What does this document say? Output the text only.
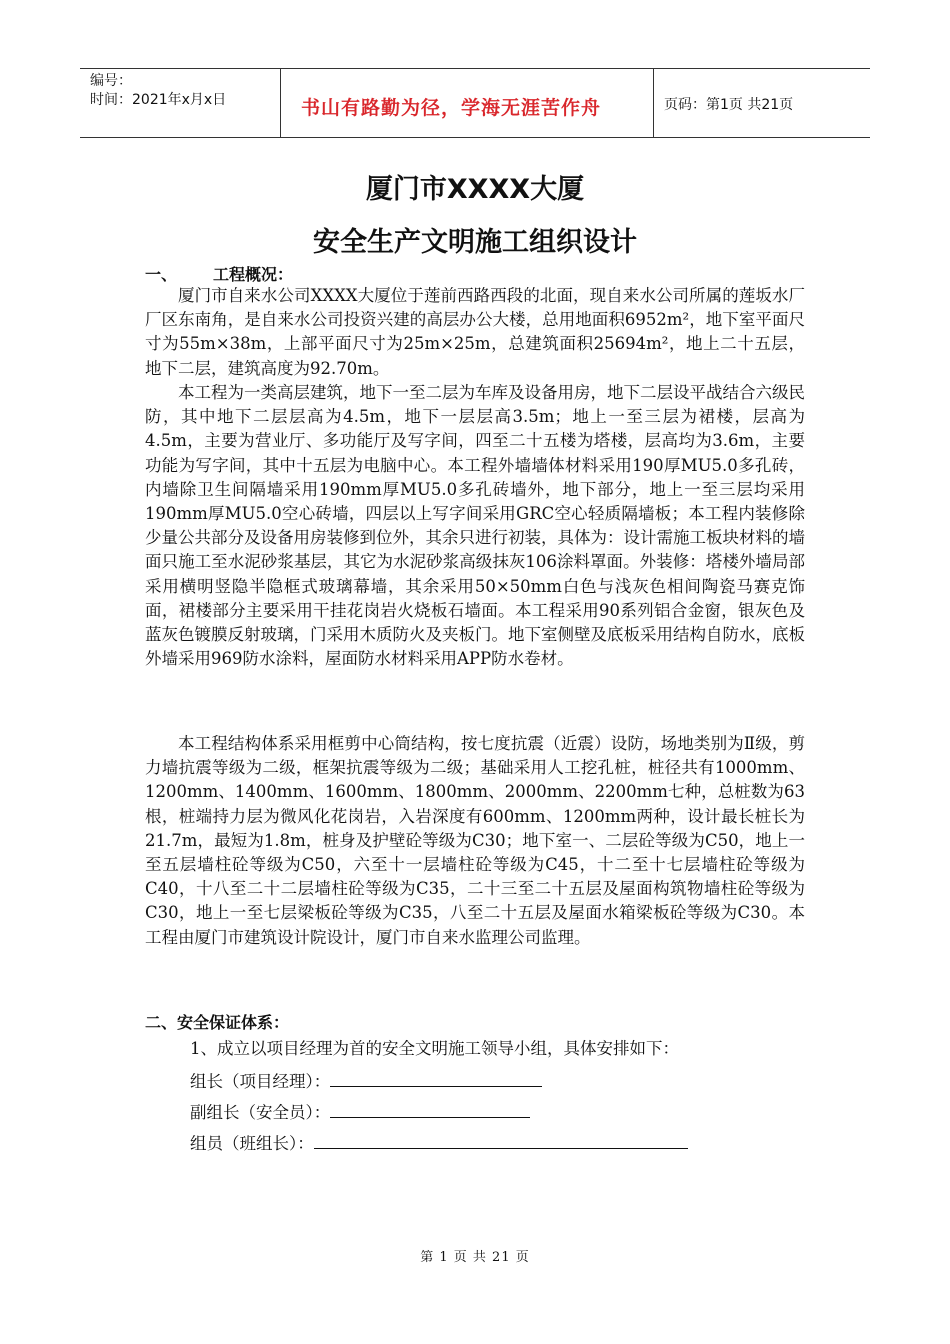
编号：
时间：2021年x月x日	书山有路勤为径，学海无涯苦作舟	页码：第1页 共21页
厦门市XXXX大厦
安全生产文明施工组织设计
一、 工程概况：

厦门市自来水公司XXXX大厦位于莲前西路西段的北面，现自来水公司所属的莲坂水厂厂区东南角，是自来水公司投资兴建的高层办公大楼，总用地面积6952m²，地下室平面尺寸为55m×38m，上部平面尺寸为25m×25m，总建筑面积25694m²，地上二十五层，地下二层，建筑高度为92.70m。

本工程为一类高层建筑，地下一至二层为车库及设备用房，地下二层设平战结合六级民防，其中地下二层层高为4.5m，地下一层层高3.5m；地上一至三层为裙楼，层高为4.5m，主要为营业厅、多功能厅及写字间，四至二十五楼为塔楼，层高均为3.6m，主要功能为写字间，其中十五层为电脑中心。本工程外墙墙体材料采用190厚MU5.0多孔砖，内墙除卫生间隔墙采用190mm厚MU5.0多孔砖墙外，地下部分，地上一至三层均采用190mm厚MU5.0空心砖墙，四层以上写字间采用GRC空心轻质隔墙板；本工程内装修除少量公共部分及设备用房装修到位外，其余只进行初装，具体为：设计需施工板块材料的墙面只施工至水泥砂浆基层，其它为水泥砂浆高级抹灰106涂料罩面。外装修：塔楼外墙局部采用横明竖隐半隐框式玻璃幕墙，其余采用50×50mm白色与浅灰色相间陶瓷马赛克饰面，裙楼部分主要采用干挂花岗岩火烧板石墙面。本工程采用90系列铝合金窗，银灰色及蓝灰色镀膜反射玻璃，门采用木质防火及夹板门。地下室侧壁及底板采用结构自防水，底板外墙采用969防水涂料，屋面防水材料采用APP防水卷材。

本工程结构体系采用框剪中心筒结构，按七度抗震（近震）设防，场地类别为Ⅱ级，剪力墙抗震等级为二级，框架抗震等级为二级；基础采用人工挖孔桩，桩径共有1000mm、1200mm、1400mm、1600mm、1800mm、2000mm、2200mm七种，总桩数为63根，桩端持力层为微风化花岗岩，入岩深度有600mm、1200mm两种，设计最长桩长为21.7m，最短为1.8m，桩身及护壁砼等级为C30；地下室一、二层砼等级为C50，地上一至五层墙柱砼等级为C50，六至十一层墙柱砼等级为C45，十二至十七层墙柱砼等级为C40，十八至二十二层墙柱砼等级为C35，二十三至二十五层及屋面构筑物墙柱砼等级为C30，地上一至七层梁板砼等级为C35，八至二十五层及屋面水箱梁板砼等级为C30。本工程由厦门市建筑设计院设计，厦门市自来水监理公司监理。

二、安全保证体系：
1、成立以项目经理为首的安全文明施工领导小组，具体安排如下：
组长（项目经理）：
副组长（安全员）：
组员（班组长）：
第 1 页 共 21 页
